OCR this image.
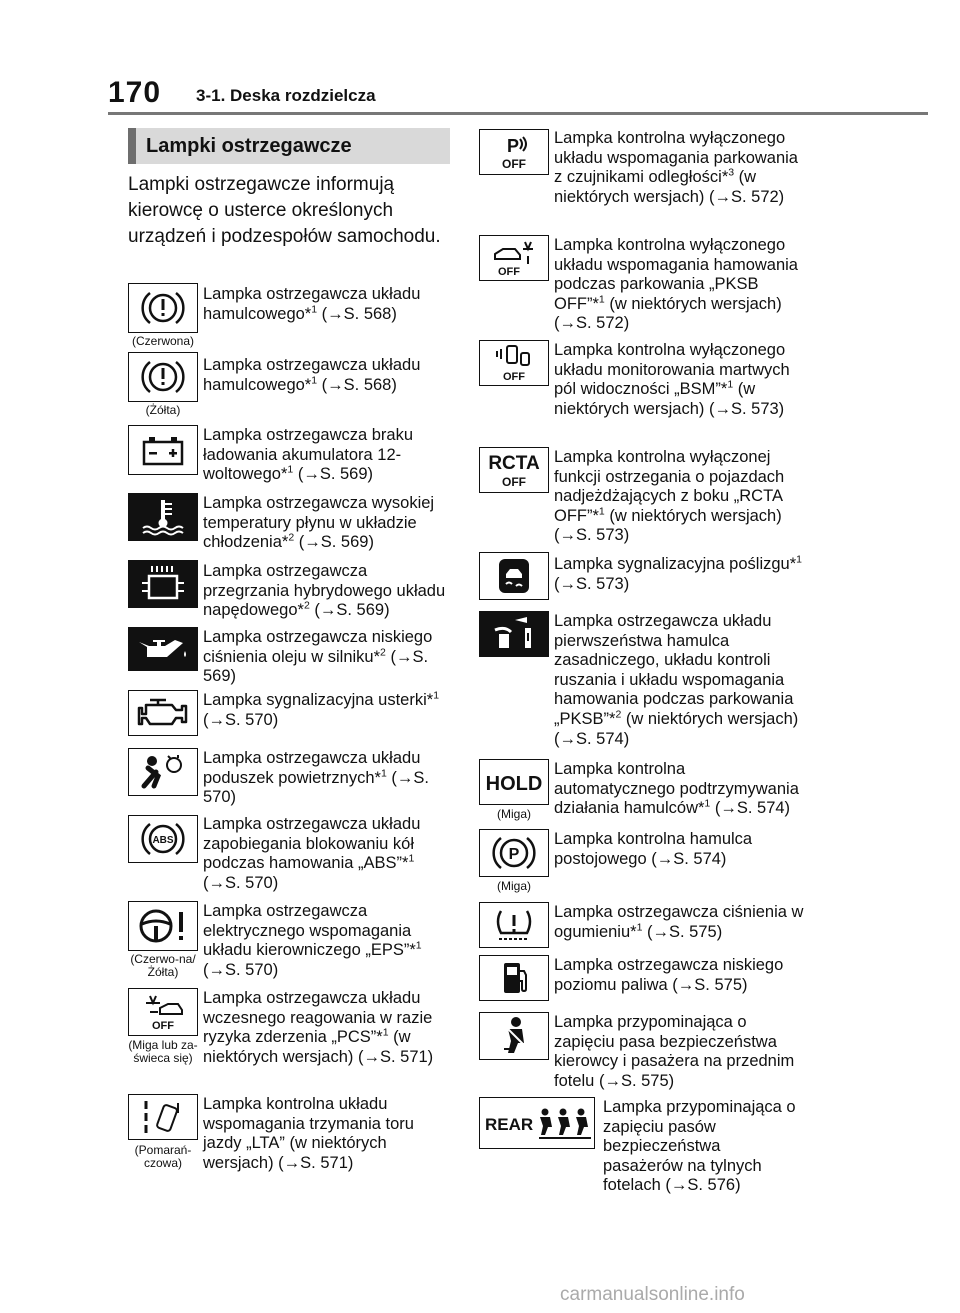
170 3-1. Deska rozdzielcza
Lampki ostrzegawcze
Lampki ostrzegawcze informują kierowcę o usterce określonych urządzeń i podzespołów samochodu.
(Czerwona)

Lampka ostrzegawcza układu hamulcowego*$^1$ (→S. 568)

(Żółta)

Lampka ostrzegawcza układu hamulcowego*$^1$ (→S. 568)

Lampka ostrzegawcza braku ładowania akumulatora 12-woltowego*$^1$ (→S. 569)

Lampka ostrzegawcza wysokiej temperatury płynu w układzie chłodzenia*$^2$ (→S. 569)

Lampka ostrzegawcza przegrzania hybrydowego układu napędowego*$^2$ (→S. 569)

Lampka ostrzegawcza niskiego ciśnienia oleju w silniku*$^2$ (→S. 569)

Lampka sygnalizacyjna usterki*$^1$ (→S. 570)

Lampka ostrzegawcza układu poduszek powietrznych*$^1$ (→S. 570)

ABS

Lampka ostrzegawcza układu zapobiegania blokowaniu kół podczas hamowania „ABS”*$^1$ (→S. 570)

(Czerwo-na/Żółta)

Lampka ostrzegawcza elektrycznego wspomagania układu kierowniczego „EPS”*$^1$ (→S. 570)

OFF
(Miga lub za-świeca się)

Lampka ostrzegawcza układu wczesnego reagowania w razie ryzyka zderzenia „PCS”*$^1$ (w niektórych wersjach) (→S. 571)

(Pomarań-czowa)

Lampka kontrolna układu wspomagania trzymania toru jazdy „LTA” (w niektórych wersjach) (→S. 571)

P
OFF

Lampka kontrolna wyłączonego układu wspomagania parkowania z czujnikami odległości*$^3$ (w niektórych wersjach) (→S. 572)

OFF

Lampka kontrolna wyłączonego układu wspomagania hamowania podczas parkowania „PKSB OFF”*$^1$ (w niektórych wersjach) (→S. 572)

OFF

Lampka kontrolna wyłączonego układu monitorowania martwych pól widoczności „BSM”*$^1$ (w niektórych wersjach) (→S. 573)

RCTA
OFF

Lampka kontrolna wyłączonej funkcji ostrzegania o pojazdach nadjeżdżających z boku „RCTA OFF”*$^1$ (w niektórych wersjach) (→S. 573)

Lampka sygnalizacyjna poślizgu*$^1$ (→S. 573)

Lampka ostrzegawcza układu pierwszeństwa hamulca zasadniczego, układu kontroli ruszania i układu wspomagania hamowania podczas parkowania „PKSB”*$^2$ (w niektórych wersjach) (→S. 574)

HOLD
(Miga)

Lampka kontrolna automatycznego podtrzymywania działania hamulców*$^1$ (→S. 574)

P
(Miga)

Lampka kontrolna hamulca postojowego (→S. 574)

Lampka ostrzegawcza ciśnienia w ogumieniu*$^1$ (→S. 575)

Lampka ostrzegawcza niskiego poziomu paliwa (→S. 575)

Lampka przypominająca o zapięciu pasa bezpieczeństwa kierowcy i pasażera na przednim fotelu (→S. 575)

REAR

Lampka przypominająca o zapięciu pasów bezpieczeństwa pasażerów na tylnych fotelach (→S. 576)

carmanualsonline.info
